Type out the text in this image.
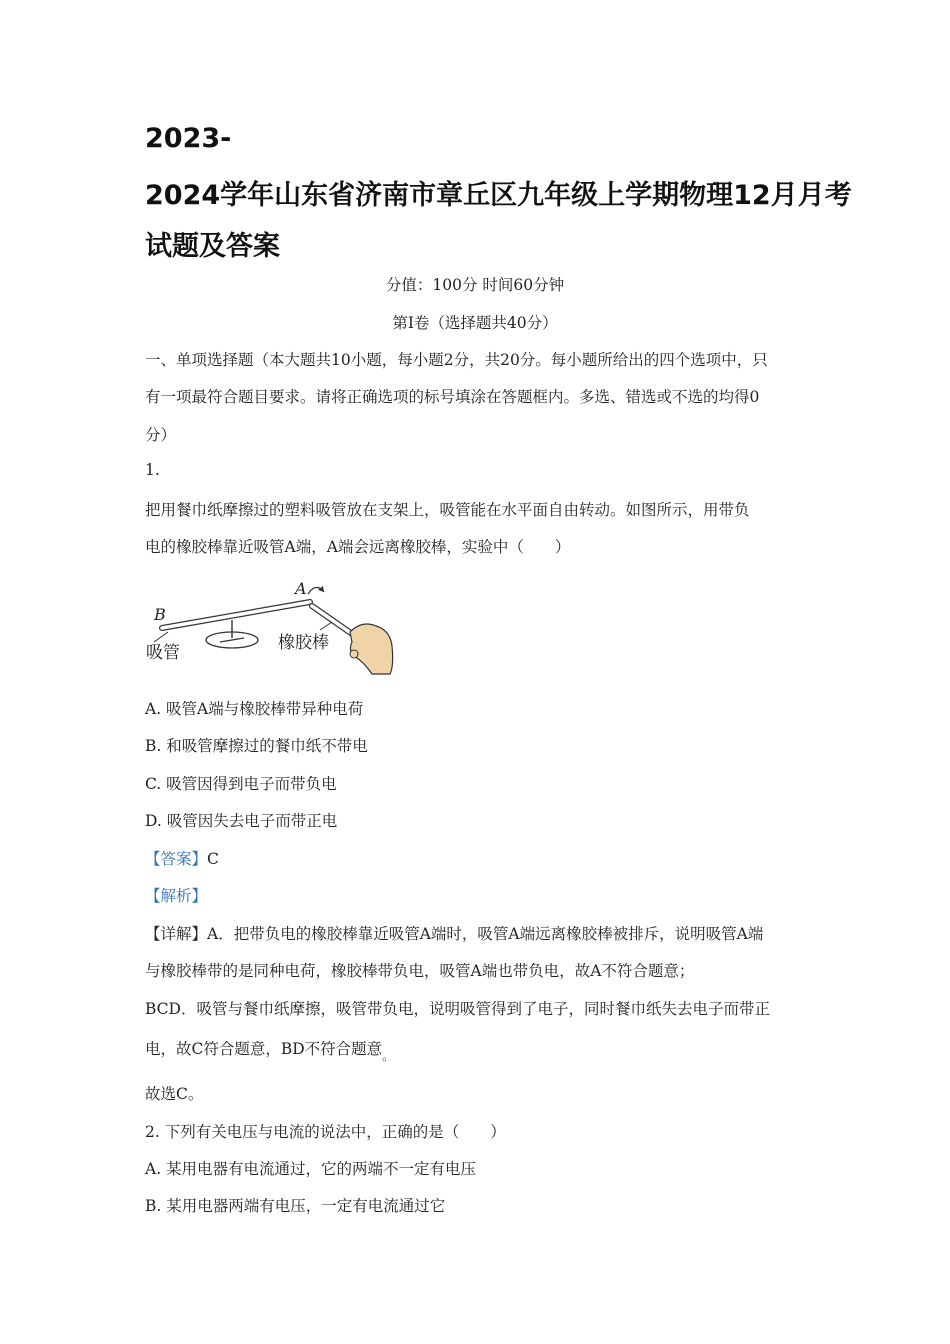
2023-
2024学年山东省济南市章丘区九年级上学期物理12月月考
试题及答案
分值：100分 时间60分钟
第I卷（选择题共40分）
一、单项选择题（本大题共10小题，每小题2分，共20分。每小题所给出的四个选项中，只
有一项最符合题目要求。请将正确选项的标号填涂在答题框内。多选、错选或不选的均得0
分）
1.
把用餐巾纸摩擦过的塑料吸管放在支架上，吸管能在水平面自由转动。如图所示，用带负
电的橡胶棒靠近吸管A端，A端会远离橡胶棒，实验中（　　）
B
A
吸管	橡胶棒
A. 吸管A端与橡胶棒带异种电荷
B. 和吸管摩擦过的餐巾纸不带电
C. 吸管因得到电子而带负电
D. 吸管因失去电子而带正电
【答案】C
【解析】
【详解】A．把带负电的橡胶棒靠近吸管A端时，吸管A端远离橡胶棒被排斥，说明吸管A端
与橡胶棒带的是同种电荷，橡胶棒带负电，吸管A端也带负电，故A不符合题意；
BCD．吸管与餐巾纸摩擦，吸管带负电，说明吸管得到了电子，同时餐巾纸失去电子而带正
电，故C符合题意，BD不符合题意$_。$
故选C。
2. 下列有关电压与电流的说法中，正确的是（　　）
A. 某用电器有电流通过，它的两端不一定有电压
B. 某用电器两端有电压，一定有电流通过它
